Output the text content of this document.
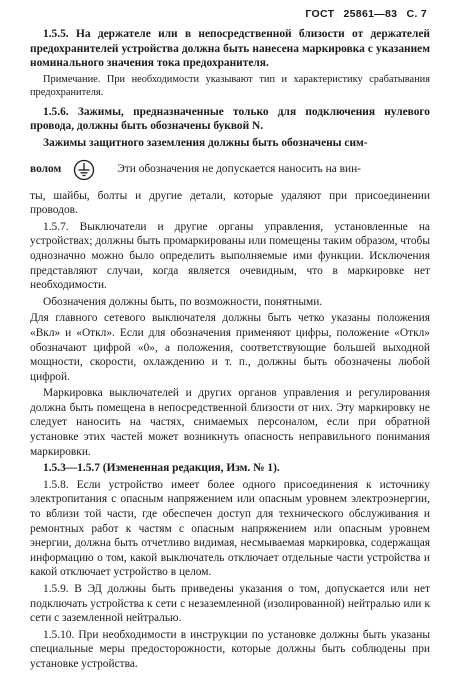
ГОСТ 25861—83 С. 7

1.5.5. На держателе или в непосредственной близости от держателей предохранителей устройства должна быть нанесена маркировка с указанием номинального значения тока предохранителя.

Примечание. При необходимости указывают тип и характеристику срабатывания предохранителя.

1.5.6. Зажимы, предназначенные только для подключения нулевого провода, должны быть обозначены буквой N.

Зажимы защитного заземления должны быть обозначены сим-

волом	Эти обозначения не допускается наносить на вин-

ты, шайбы, болты и другие детали, которые удаляют при присоединении проводов.

1.5.7. Выключатели и другие органы управления, установленные на устройствах; должны быть промаркированы или помещены таким образом, чтобы однозначно можно было определить выполняемые ими функции. Исключения представляют случаи, когда является очевидным, что в маркировке нет необходимости.

Обозначения должны быть, по возможности, понятными.

Для главного сетевого выключателя должны быть четко указаны положения «Вкл» и «Откл». Если для обозначения применяют цифры, положение «Откл» обозначают цифрой «0», а положения, соответствующие большей выходной мощности, скорости, охлаждению и т. п., должны быть обозначены любой цифрой.

Маркировка выключателей и других органов управления и регулирования должна быть помещена в непосредственной близости от них. Эту маркировку не следует наносить на частях, снимаемых персоналом, если при обратной установке этих частей может возникнуть опасность неправильного понимания маркировки.

1.5.3—1.5.7 (Измененная редакция, Изм. № 1).

1.5.8. Если устройство имеет более одного присоединения к источнику электропитания с опасным напряжением или опасным уровнем электроэнергии, то вблизи той части, где обеспечен доступ для технического обслуживания и ремонтных работ к частям с опасным напряжением или опасным уровнем энергии, должна быть отчетливо видимая, несмываемая маркировка, содержащая информацию о том, какой выключатель отключает отдельные части устройства и какой отключает устройство в целом.

1.5.9. В ЭД должны быть приведены указания о том, допускается или нет подключать устройства к сети с незаземленной (изолированной) нейтралью или к сети с заземленной нейтралью.

1.5.10. При необходимости в инструкции по установке должны быть указаны специальные меры предосторожности, которые должны быть соблюдены при установке устройства.
